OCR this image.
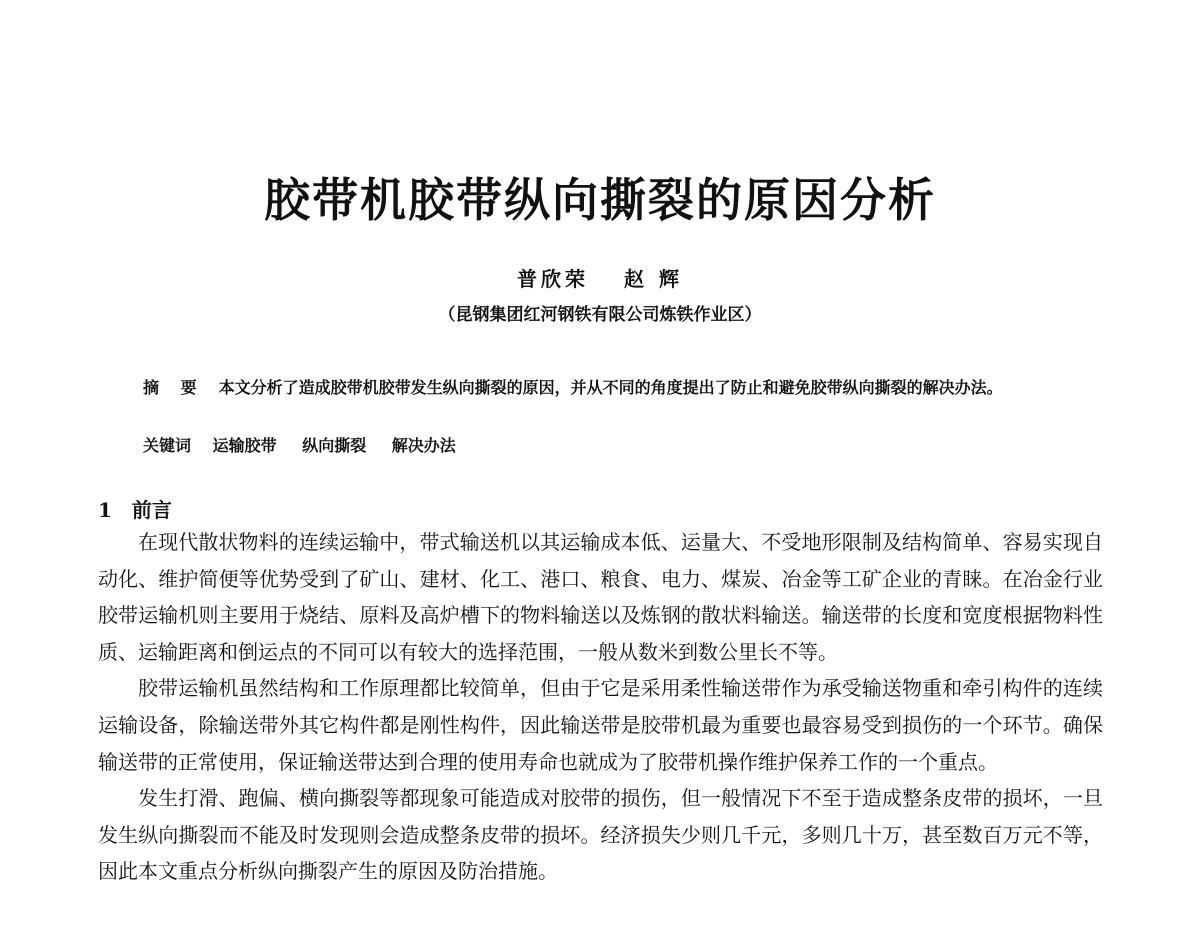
胶带机胶带纵向撕裂的原因分析
普欣荣 赵 辉
（昆钢集团红河钢铁有限公司炼铁作业区）
摘 要 本文分析了造成胶带机胶带发生纵向撕裂的原因，并从不同的角度提出了防止和避免胶带纵向撕裂的解决办法。
关键词 运输胶带 纵向撕裂 解决办法
1 前言

在现代散状物料的连续运输中，带式输送机以其运输成本低、运量大、不受地形限制及结构简单、容易实现自动化、维护简便等优势受到了矿山、建材、化工、港口、粮食、电力、煤炭、冶金等工矿企业的青睐。在冶金行业胶带运输机则主要用于烧结、原料及高炉槽下的物料输送以及炼钢的散状料输送。输送带的长度和宽度根据物料性质、运输距离和倒运点的不同可以有较大的选择范围，一般从数米到数公里长不等。

胶带运输机虽然结构和工作原理都比较简单，但由于它是采用柔性输送带作为承受输送物重和牵引构件的连续运输设备，除输送带外其它构件都是刚性构件，因此输送带是胶带机最为重要也最容易受到损伤的一个环节。确保输送带的正常使用，保证输送带达到合理的使用寿命也就成为了胶带机操作维护保养工作的一个重点。

发生打滑、跑偏、横向撕裂等都现象可能造成对胶带的损伤，但一般情况下不至于造成整条皮带的损坏，一旦发生纵向撕裂而不能及时发现则会造成整条皮带的损坏。经济损失少则几千元，多则几十万，甚至数百万元不等，因此本文重点分析纵向撕裂产生的原因及防治措施。
